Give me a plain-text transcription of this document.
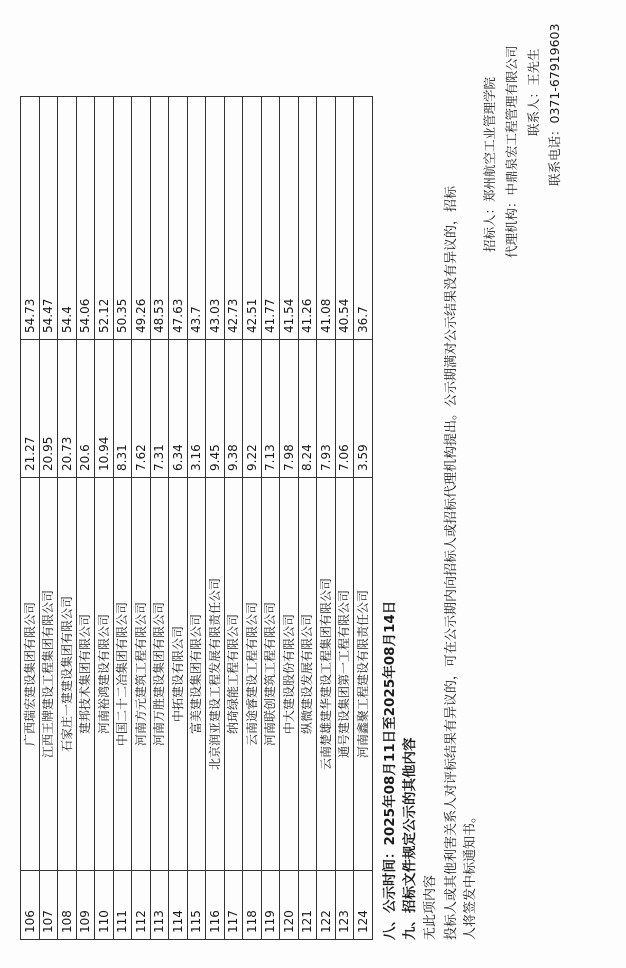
106	广西瑞宏建设集团有限公司	21.27	54.73
107	江西王牌建设工程集团有限公司	20.95	54.47
108	石家庄一建建设集团有限公司	20.73	54.4
109	建邦技术集团有限公司	20.6	54.06
110	河南裕鸿建设有限公司	10.94	52.12
111	中国二十二冶集团有限公司	8.31	50.35
112	河南方元建筑工程有限公司	7.62	49.26
113	河南万胜建设集团有限公司	7.31	48.53
114	中拓建设有限公司	6.34	47.63
115	富美建设集团有限公司	3.16	43.7
116	北京润亚建设工程发展有限责任公司	9.45	43.03
117	纳琦绿能工程有限公司	9.38	42.73
118	云南途睿建设工程有限公司	9.22	42.51
119	河南联创建筑工程有限公司	7.13	41.77
120	中大建设股份有限公司	7.98	41.54
121	纵微建设发展有限公司	8.24	41.26
122	云南楚雄建华建设工程集团有限公司	7.93	41.08
123	通号建设集团第一工程有限公司	7.06	40.54
124	河南鑫聚工程建设有限责任公司	3.59	36.7
八、公示时间：2025年08月11日至2025年08月14日 九、招标文件规定公示的其他内容 无此项内容 投标人或其他利害关系人对评标结果有异议的，可在公示期内向招标人或招标代理机构提出。公示期满对公示结果没有异议的，招标 人将签发中标通知书。
招标人：郑州航空工业管理学院 代理机构：中鼎泉宏工程管理有限公司 联系人：王先生 联系电话：0371-67919603
